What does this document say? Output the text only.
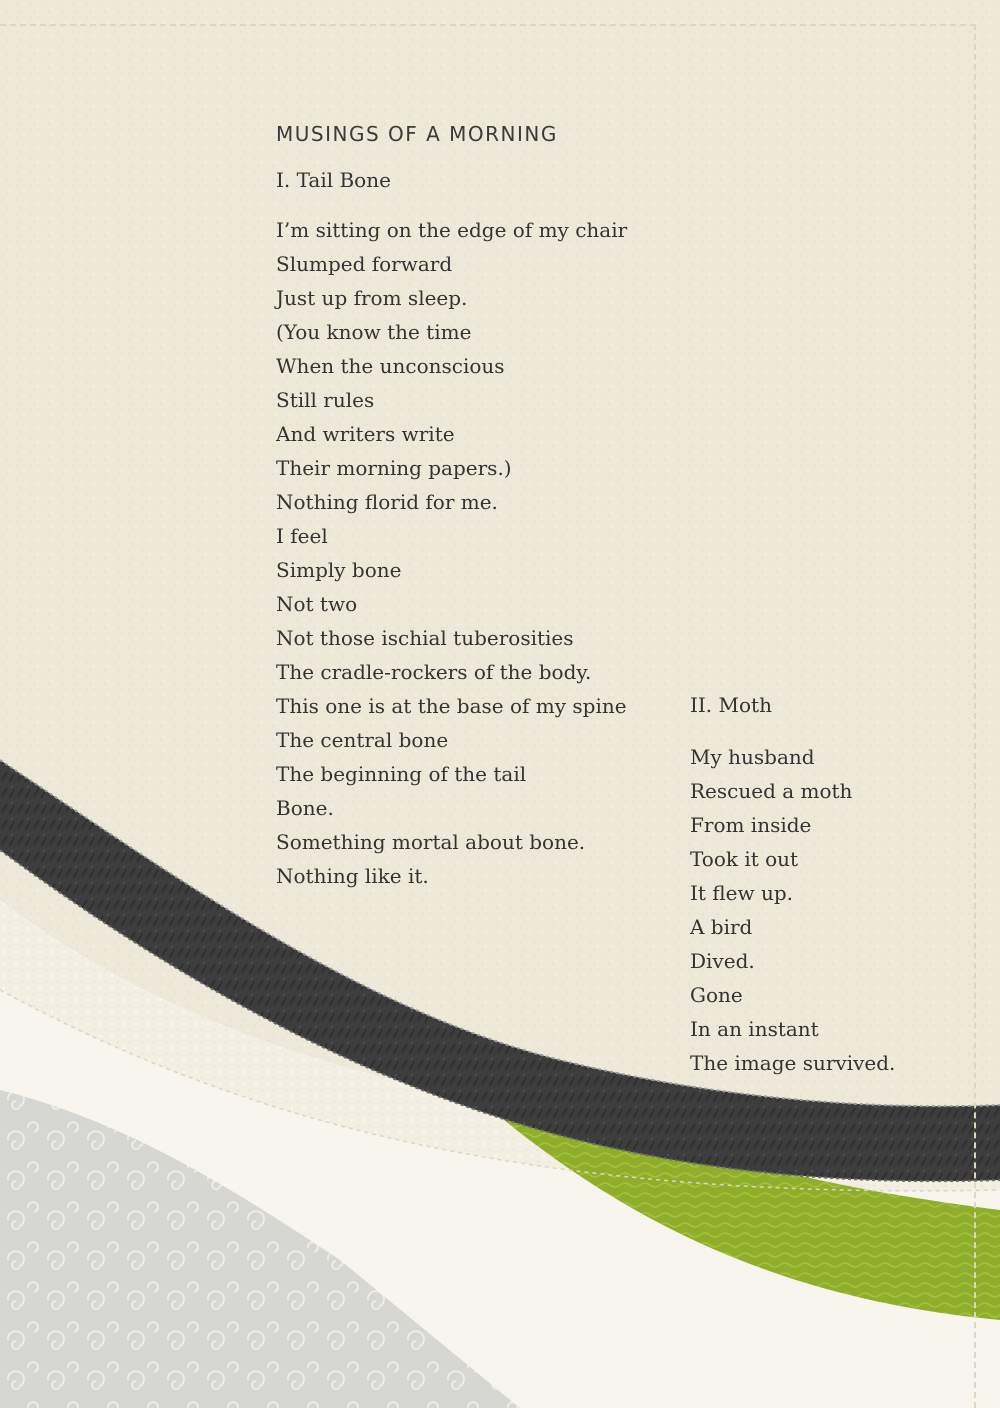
MUSINGS OF A MORNING
I. Tail Bone
I’m sitting on the edge of my chair
Slumped forward
Just up from sleep.
(You know the time
When the unconscious
Still rules
And writers write
Their morning papers.)
Nothing florid for me.
I feel
Simply bone
Not two
Not those ischial tuberosities
The cradle-rockers of the body.
This one is at the base of my spine
The central bone
The beginning of the tail
Bone.
Something mortal about bone.
Nothing like it.
II. Moth
My husband
Rescued a moth
From inside
Took it out
It flew up.
A bird
Dived.
Gone
In an instant
The image survived.
